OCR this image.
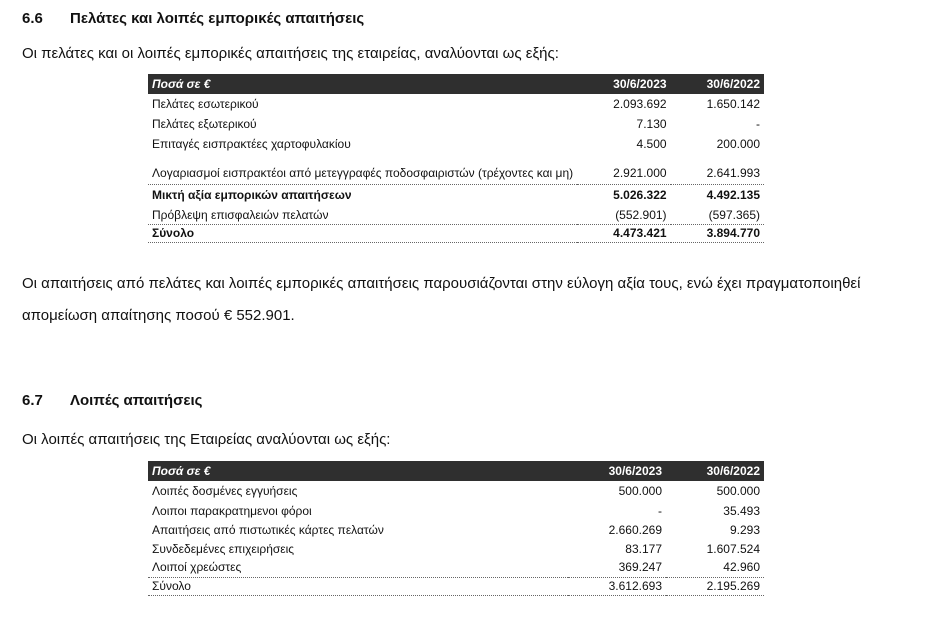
6.6 Πελάτες και λοιπές εμπορικές απαιτήσεις
Οι πελάτες και οι λοιπές εμπορικές απαιτήσεις της εταιρείας, αναλύονται ως εξής:
Ποσά σε €	30/6/2023	30/6/2022
Πελάτες εσωτερικού	2.093.692	1.650.142
Πελάτες εξωτερικού	7.130	-
Επιταγές εισπρακτέες χαρτοφυλακίου	4.500	200.000

Λογαριασμοί εισπρακτέοι από μετεγγραφές ποδοσφαιριστών (τρέχοντες και μη)	2.921.000	2.641.993
Μικτή αξία εμπορικών απαιτήσεων	5.026.322	4.492.135
Πρόβλεψη επισφαλειών πελατών	(552.901)	(597.365)
Σύνολο	4.473.421	3.894.770
Οι απαιτήσεις από πελάτες και λοιπές εμπορικές απαιτήσεις παρουσιάζονται στην εύλογη αξία τους, ενώ έχει πραγματοποιηθεί
απομείωση απαίτησης ποσού € 552.901.
6.7 Λοιπές απαιτήσεις
Οι λοιπές απαιτήσεις της Εταιρείας αναλύονται ως εξής:
Ποσά σε €	30/6/2023	30/6/2022
Λοιπές δοσμένες εγγυήσεις	500.000	500.000
Λοιποι παρακρατημενοι φόροι	-	35.493
Απαιτήσεις από πιστωτικές κάρτες πελατών	2.660.269	9.293
Συνδεδεμένες επιχειρήσεις	83.177	1.607.524
Λοιποί χρεώστες	369.247	42.960
Σύνολο	3.612.693	2.195.269
